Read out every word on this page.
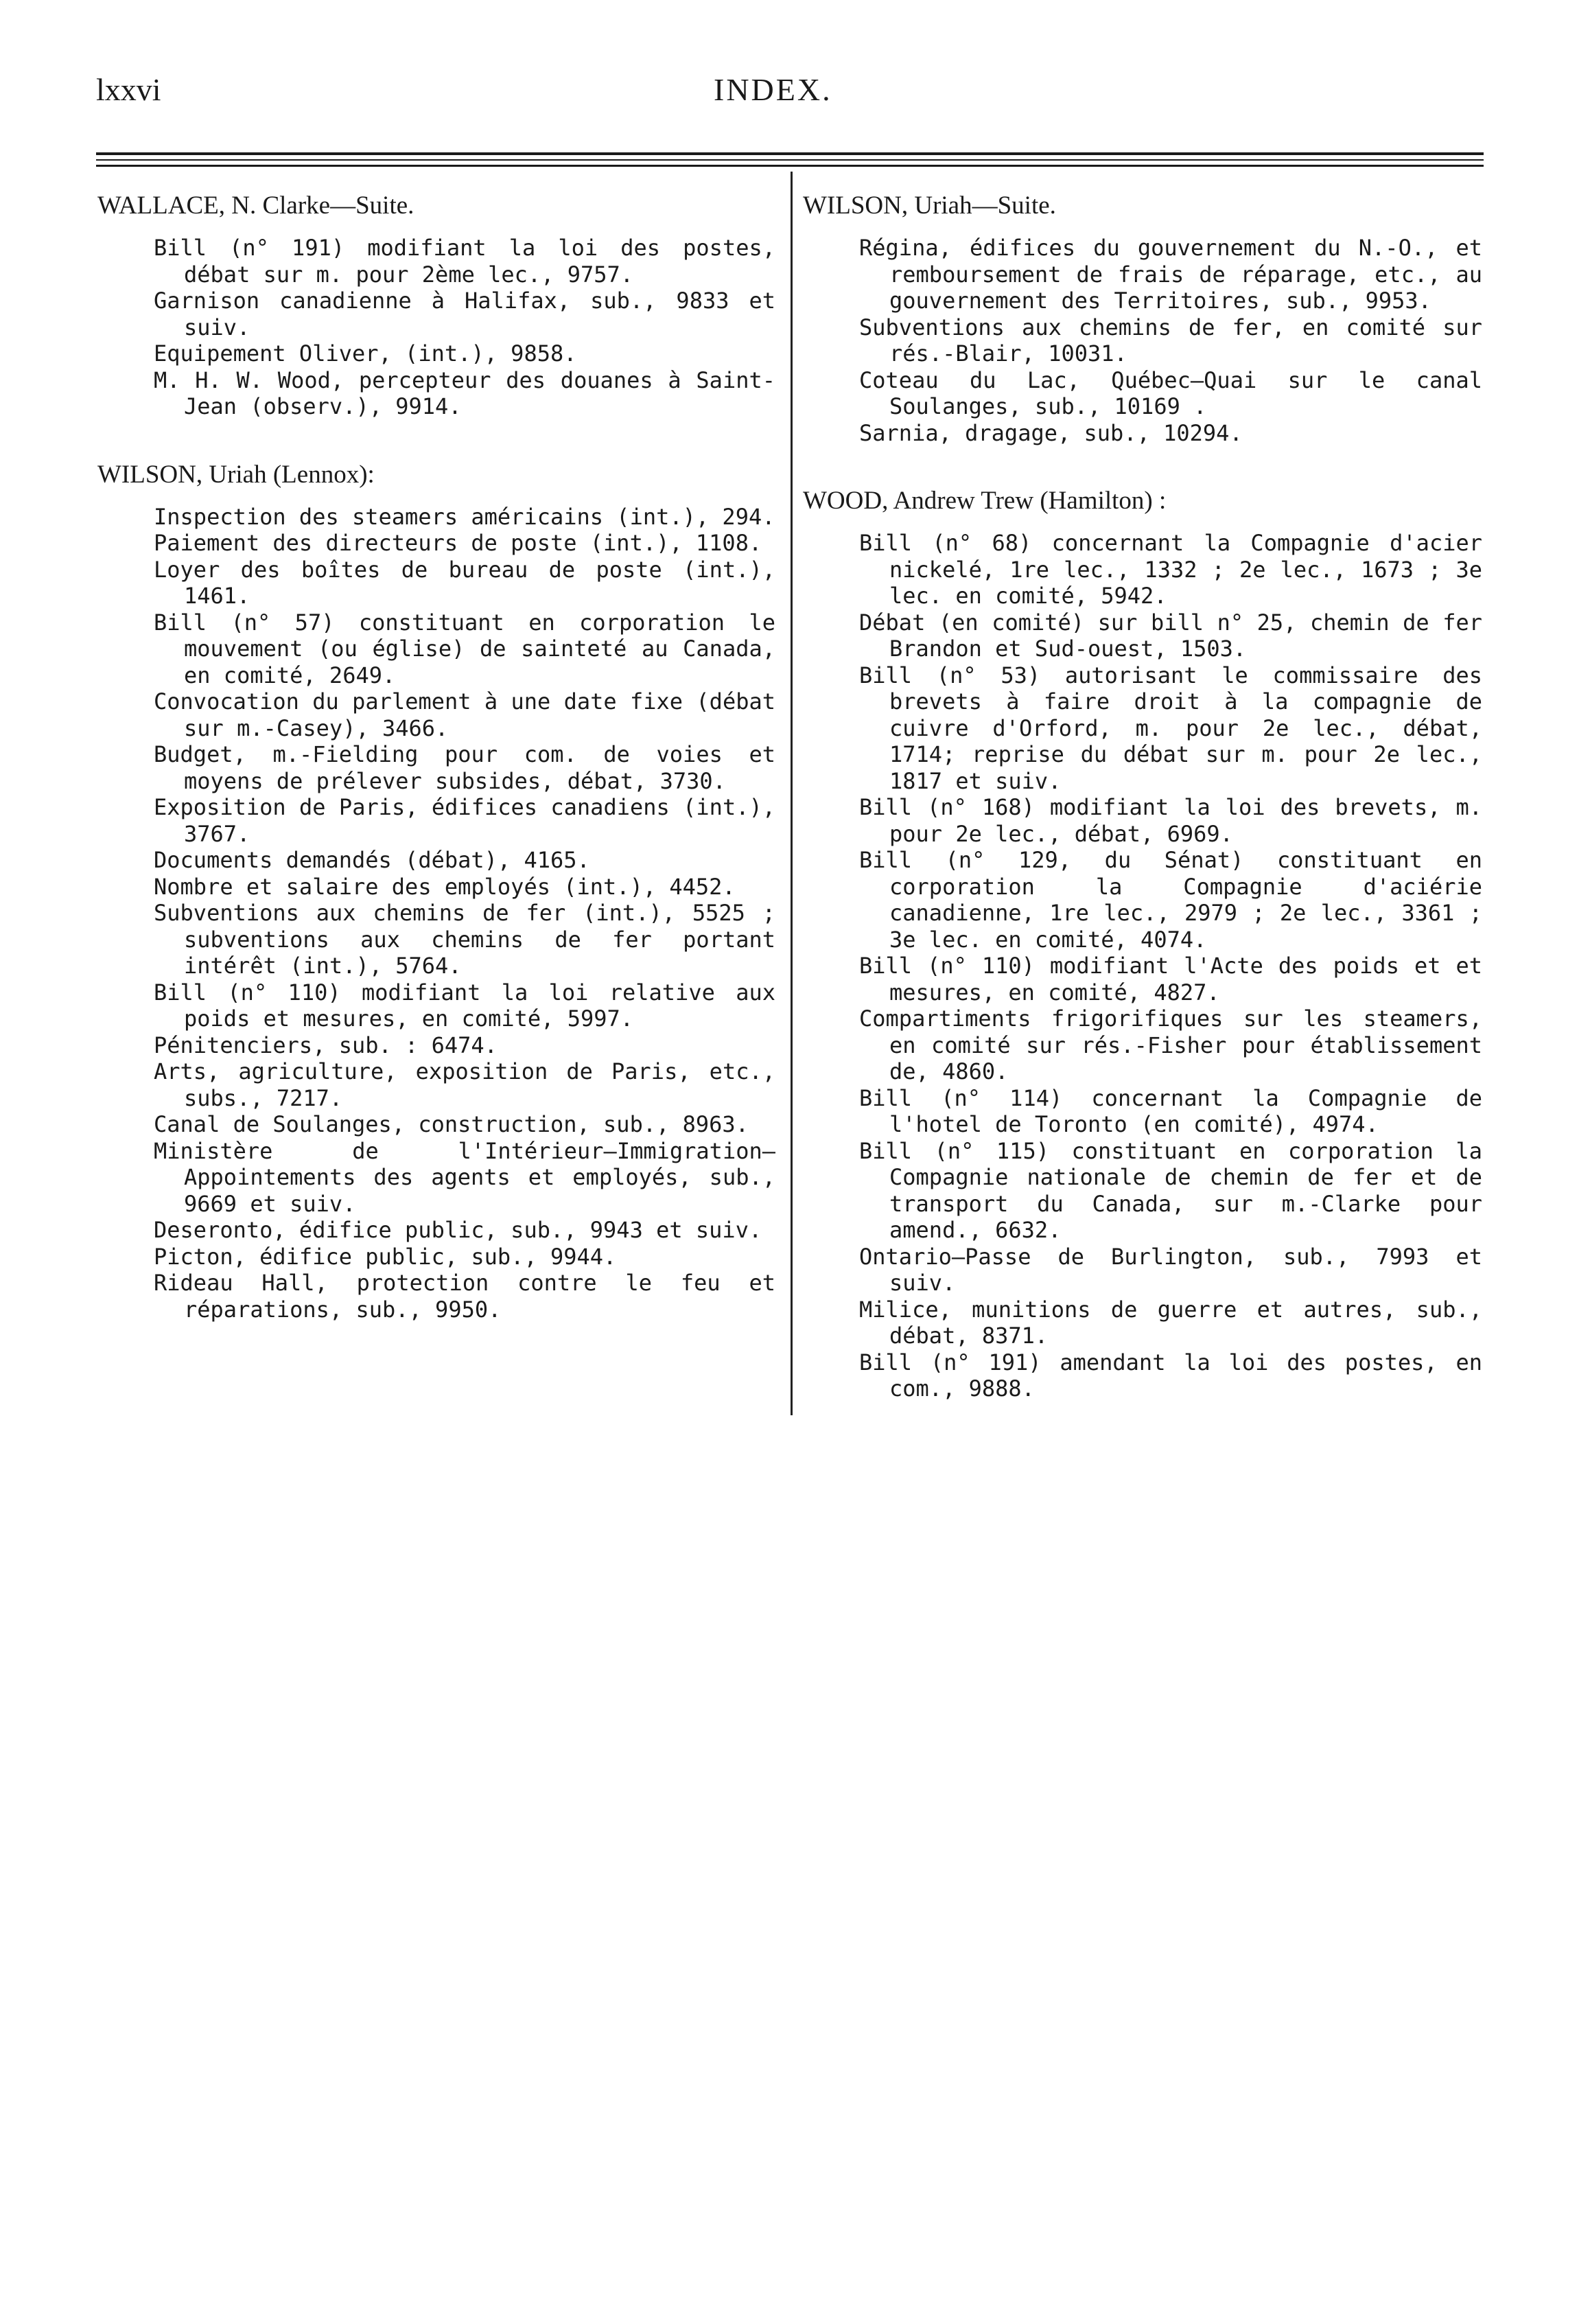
lxxvi	INDEX.

WALLACE, N. Clarke—Suite.

Bill (n° 191) modifiant la loi des postes, débat sur m. pour 2ème lec., 9757.
Garnison canadienne à Halifax, sub., 9833 et suiv.
Equipement Oliver, (int.), 9858.
M. H. W. Wood, percepteur des douanes à Saint-Jean (observ.), 9914.

WILSON, Uriah (Lennox):

Inspection des steamers américains (int.), 294.
Paiement des directeurs de poste (int.), 1108.
Loyer des boîtes de bureau de poste (int.), 1461.
Bill (n° 57) constituant en corporation le mouvement (ou église) de sainteté au Canada, en comité, 2649.
Convocation du parlement à une date fixe (débat sur m.-Casey), 3466.
Budget, m.-Fielding pour com. de voies et moyens de prélever subsides, débat, 3730.
Exposition de Paris, édifices canadiens (int.), 3767.
Documents demandés (débat), 4165.
Nombre et salaire des employés (int.), 4452.
Subventions aux chemins de fer (int.), 5525 ; subventions aux chemins de fer portant intérêt (int.), 5764.
Bill (n° 110) modifiant la loi relative aux poids et mesures, en comité, 5997.
Pénitenciers, sub. : 6474.
Arts, agriculture, exposition de Paris, etc., subs., 7217.
Canal de Soulanges, construction, sub., 8963.
Ministère de l'Intérieur—Immigration—Appointements des agents et employés, sub., 9669 et suiv.
Deseronto, édifice public, sub., 9943 et suiv.
Picton, édifice public, sub., 9944.
Rideau Hall, protection contre le feu et réparations, sub., 9950.

WILSON, Uriah—Suite.

Régina, édifices du gouvernement du N.-O., et remboursement de frais de réparage, etc., au gouvernement des Territoires, sub., 9953.
Subventions aux chemins de fer, en comité sur rés.-Blair, 10031.
Coteau du Lac, Québec—Quai sur le canal Soulanges, sub., 10169 .
Sarnia, dragage, sub., 10294.

WOOD, Andrew Trew (Hamilton) :

Bill (n° 68) concernant la Compagnie d'acier nickelé, 1re lec., 1332 ; 2e lec., 1673 ; 3e lec. en comité, 5942.
Débat (en comité) sur bill n° 25, chemin de fer Brandon et Sud-ouest, 1503.
Bill (n° 53) autorisant le commissaire des brevets à faire droit à la compagnie de cuivre d'Orford, m. pour 2e lec., débat, 1714; reprise du débat sur m. pour 2e lec., 1817 et suiv.
Bill (n° 168) modifiant la loi des brevets, m. pour 2e lec., débat, 6969.
Bill (n° 129, du Sénat) constituant en corporation la Compagnie d'aciérie canadienne, 1re lec., 2979 ; 2e lec., 3361 ; 3e lec. en comité, 4074.
Bill (n° 110) modifiant l'Acte des poids et et mesures, en comité, 4827.
Compartiments frigorifiques sur les steamers, en comité sur rés.-Fisher pour établissement de, 4860.
Bill (n° 114) concernant la Compagnie de l'hotel de Toronto (en comité), 4974.
Bill (n° 115) constituant en corporation la Compagnie nationale de chemin de fer et de transport du Canada, sur m.-Clarke pour amend., 6632.
Ontario—Passe de Burlington, sub., 7993 et suiv.
Milice, munitions de guerre et autres, sub., débat, 8371.
Bill (n° 191) amendant la loi des postes, en com., 9888.
